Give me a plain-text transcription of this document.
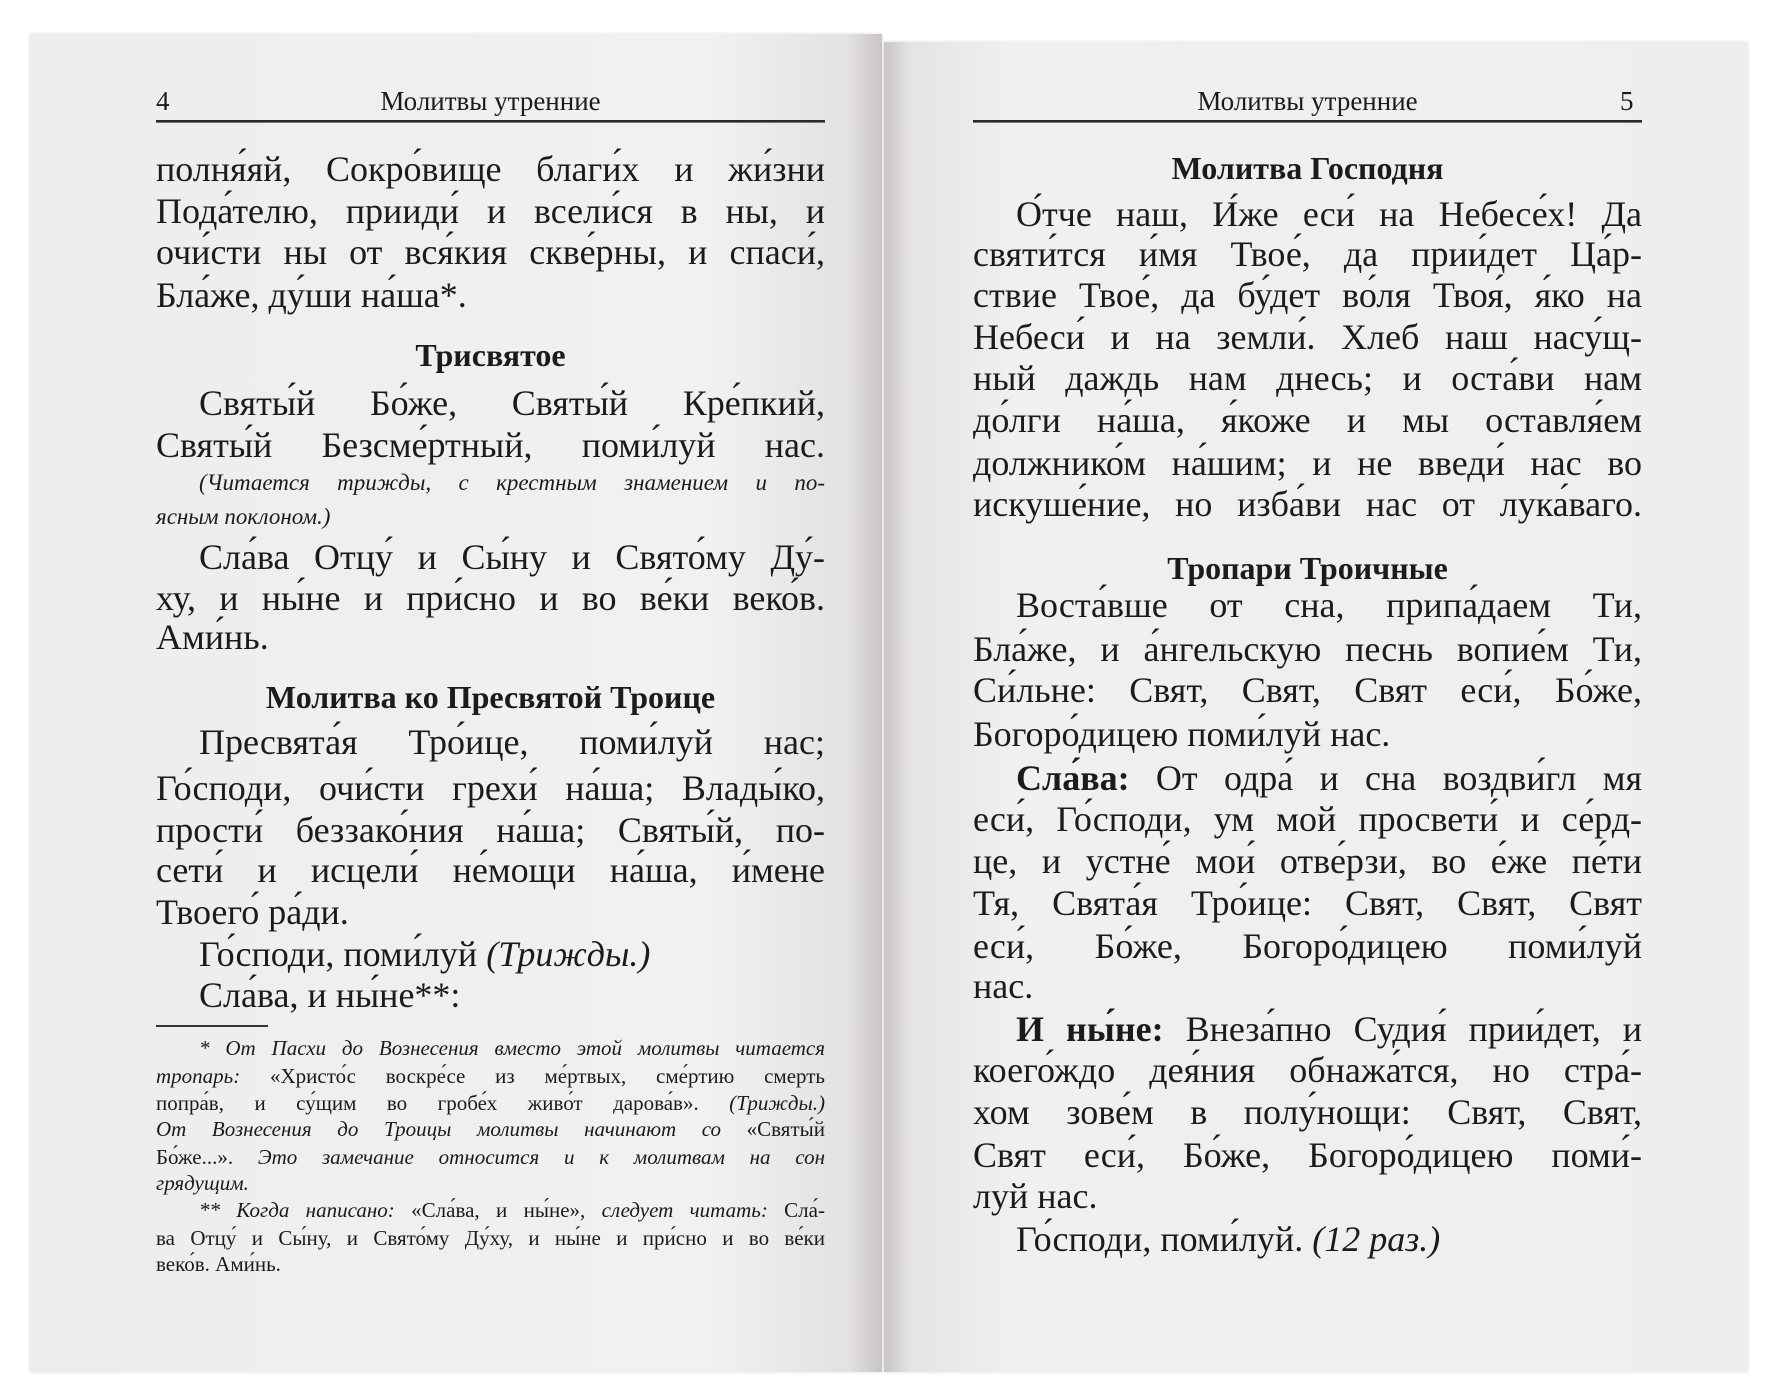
4	Молитвы утренние	Молитвы утренние	5
полня́яй, Сокро́вище благи́х и жи́зни
Пода́телю, прииди́ и всели́ся в ны, и
очи́сти ны от вся́кия скве́рны, и спаси́,
Бла́же, ду́ши на́ша*.
Трисвятое
Святы́й Бо́же, Святы́й Кре́пкий,
Святы́й Безсме́ртный, поми́луй нас.
(Читается трижды, с крестным знамением и по-
ясным поклоном.)
Сла́ва Отцу́ и Сы́ну и Свято́му Ду́-
ху, и ны́не и при́сно и во ве́ки веко́в.
Ами́нь.
Молитва ко Пресвятой Троице
Пресвята́я Тро́ице, поми́луй нас;
Го́споди, очи́сти грехи́ на́ша; Влады́ко,
прости́ беззако́ния на́ша; Святы́й, по-
сети́ и исцели́ не́мощи на́ша, и́мене
Твоего́ ра́ди.
Го́споди, поми́луй (Трижды.)
Сла́ва, и ны́не**:
* От Пасхи до Вознесения вместо этой молитвы читается
тропарь: «Христо́с воскре́се из ме́ртвых, сме́ртию смерть
попра́в, и су́щим во гробе́х живо́т дарова́в». (Трижды.)
От Вознесения до Троицы молитвы начинают со «Святы́й
Бо́же...». Это замечание относится и к молитвам на сон
грядущим.
** Когда написано: «Сла́ва, и ны́не», следует читать: Сла́-
ва Отцу́ и Сы́ну, и Свято́му Ду́ху, и ны́не и при́сно и во ве́ки
веко́в. Ами́нь.
Молитва Господня
О́тче наш, И́же еси́ на Небесе́х! Да
святи́тся и́мя Твое́, да прии́дет Ца́р-
ствие Твое́, да бу́дет во́ля Твоя́, я́ко на
Небеси́ и на земли́. Хлеб наш насу́щ-
ный даждь нам днесь; и оста́ви нам
до́лги на́ша, я́коже и мы оставля́ем
должнико́м на́шим; и не введи́ нас во
искуше́ние, но изба́ви нас от лука́ваго.
Тропари Троичные
Воста́вше от сна, припа́даем Ти,
Бла́же, и а́нгельскую песнь вопие́м Ти,
Си́льне: Свят, Свят, Свят еси́, Бо́же,
Богоро́дицею поми́луй нас.
Сла́ва: От одра́ и сна воздви́гл мя
еси́, Го́споди, ум мой просвети́ и се́рд-
це, и устне́ мои́ отве́рзи, во е́же пе́ти
Тя, Свята́я Тро́ице: Свят, Свят, Свят
еси́, Бо́же, Богоро́дицею поми́луй
нас.
И ны́не: Внеза́пно Судия́ прии́дет, и
коего́ждо дея́ния обнажа́тся, но стра́-
хом зове́м в полу́нощи: Свят, Свят,
Свят еси́, Бо́же, Богоро́дицею поми́-
луй нас.
Го́споди, поми́луй. (12 раз.)
